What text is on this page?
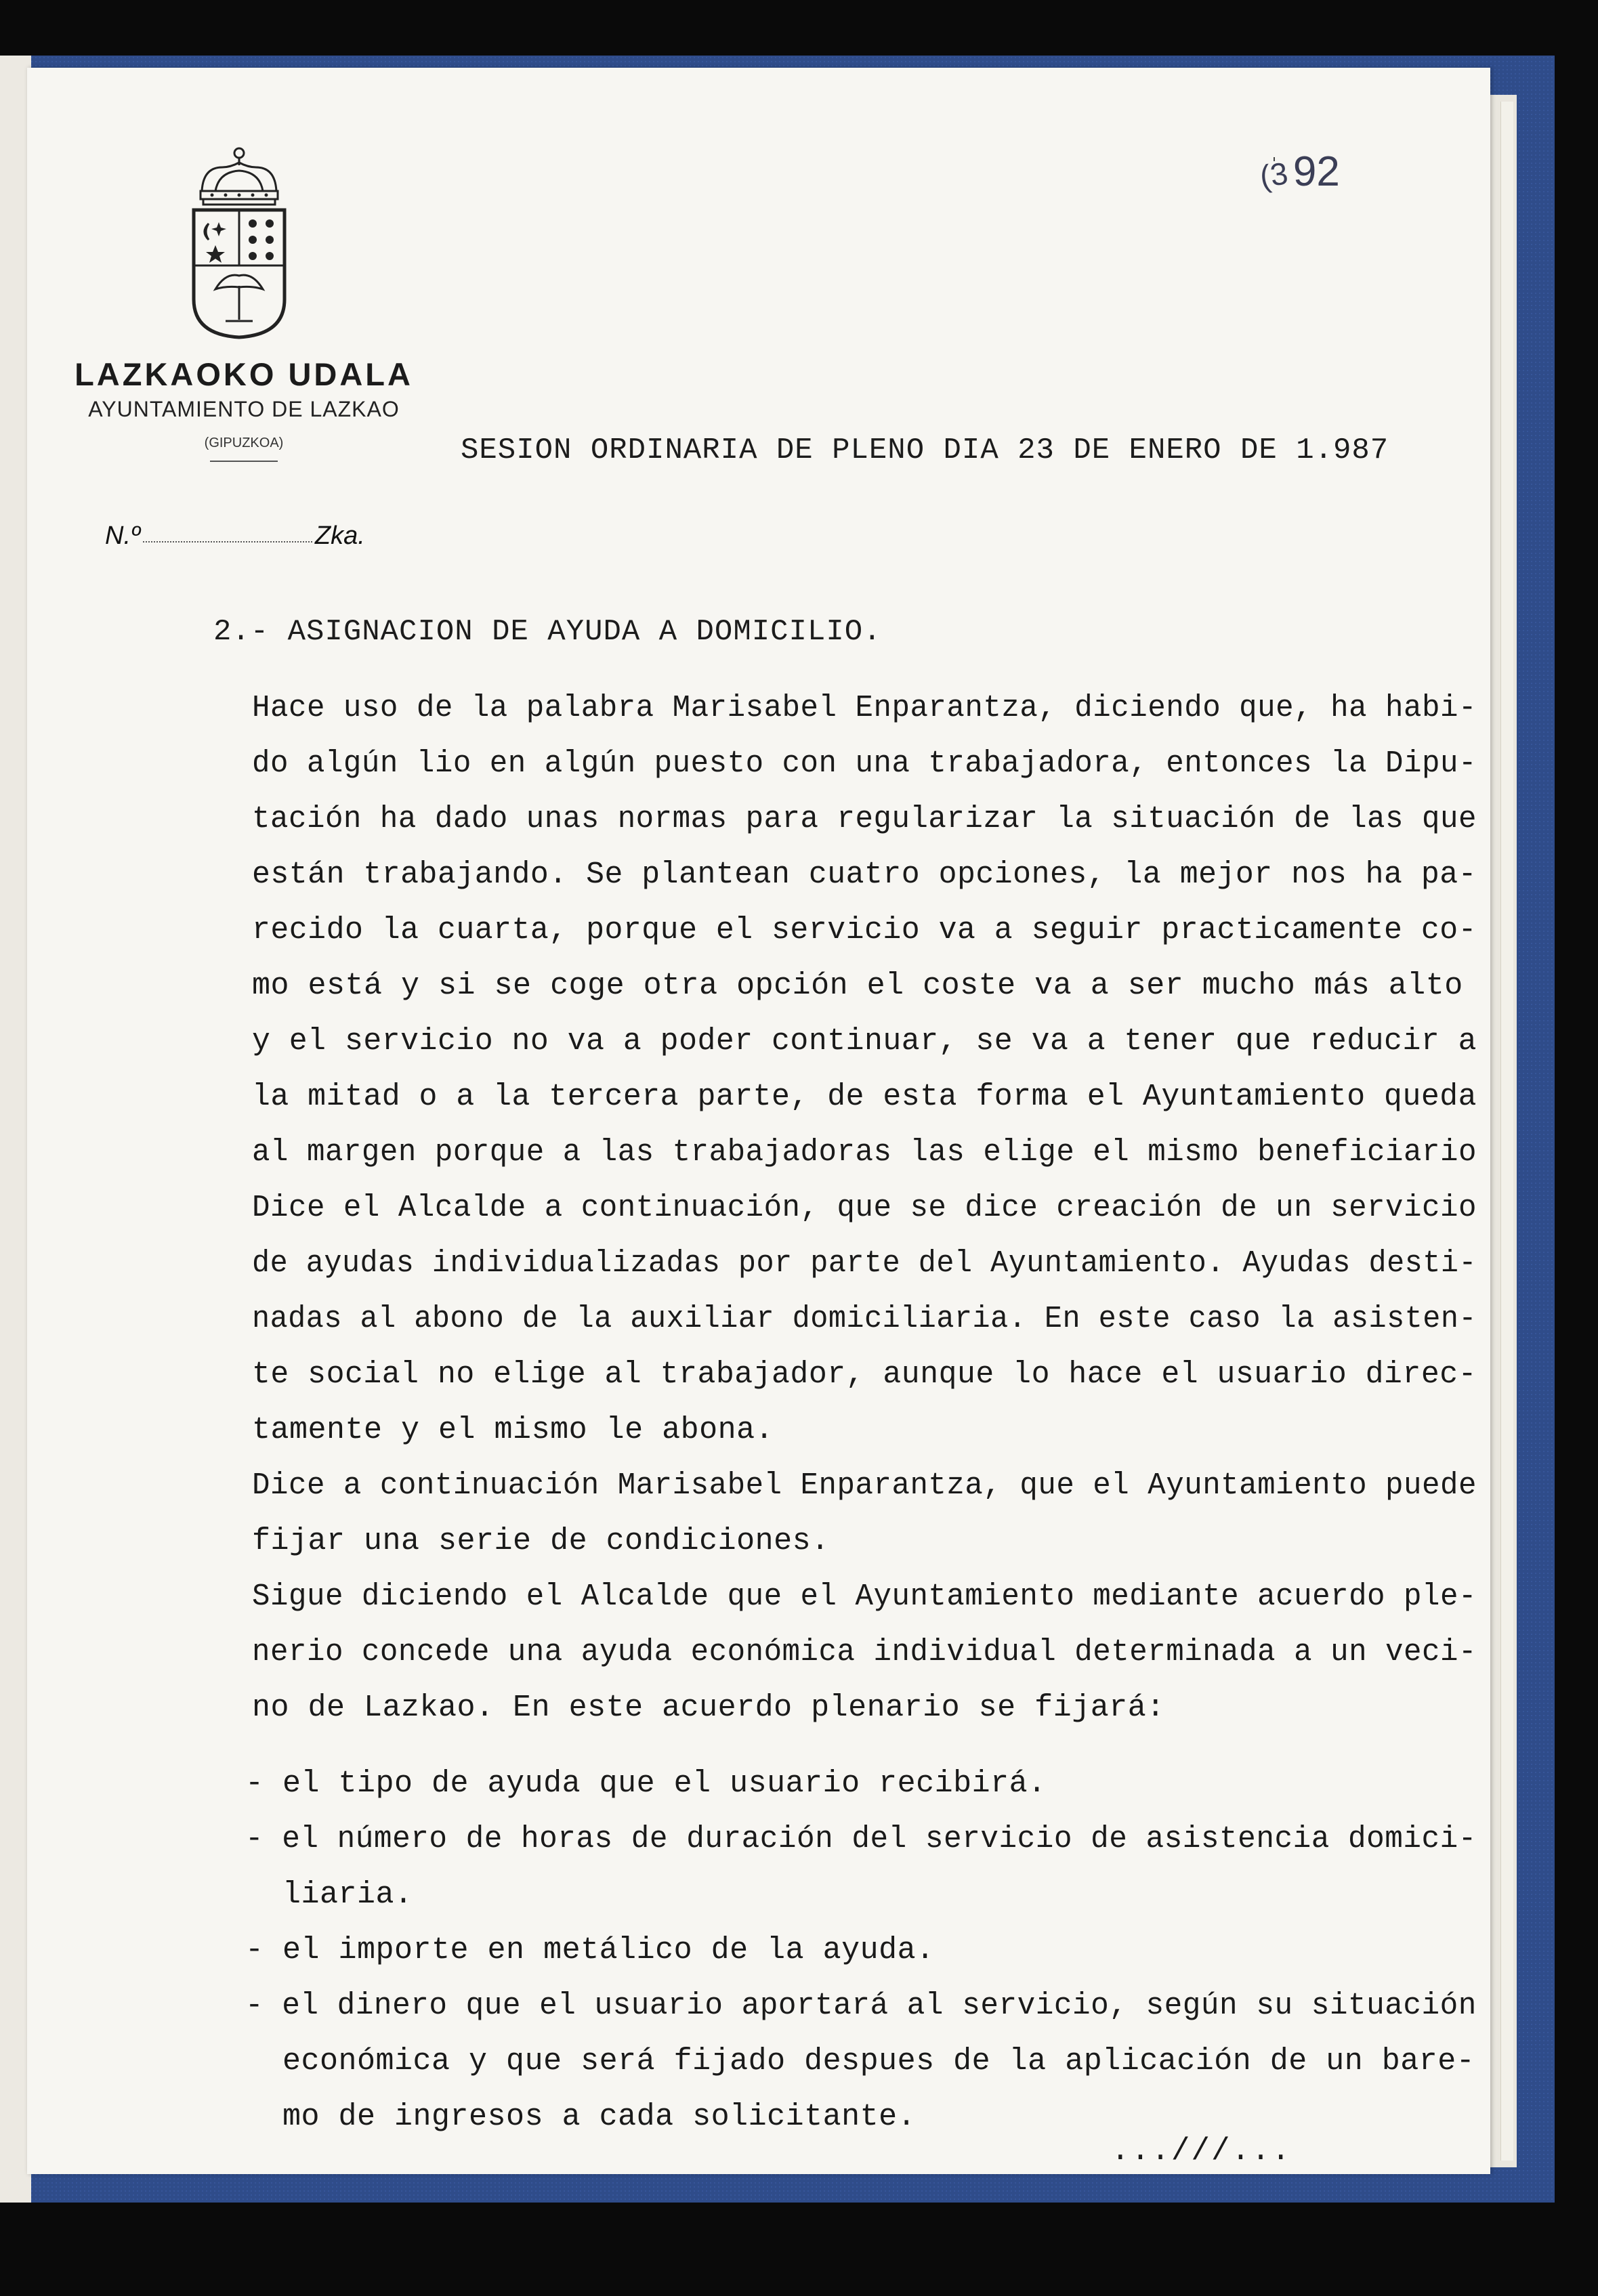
LAZKAOKO UDALA
AYUNTAMIENTO DE LAZKAO
(GIPUZKOA)
N.º	Zka.
(392
SESION ORDINARIA DE PLENO DIA 23 DE ENERO DE 1.987
2.- ASIGNACION DE AYUDA A DOMICILIO.
Hace uso de la palabra Marisabel Enparantza, diciendo que, ha habi-
do algún lio en algún puesto con una trabajadora, entonces la Dipu-
tación ha dado unas normas para regularizar la situación de las que
están trabajando. Se plantean cuatro opciones, la mejor nos ha pa-
recido la cuarta, porque el servicio va a seguir practicamente co-
mo está y si se coge otra opción el coste va a ser mucho más alto
y el servicio no va a poder continuar, se va a tener que reducir a
la mitad o a la tercera parte, de esta forma el Ayuntamiento queda
al margen porque a las trabajadoras las elige el mismo beneficiario
Dice el Alcalde a continuación, que se dice creación de un servicio
de ayudas individualizadas por parte del Ayuntamiento. Ayudas desti-
nadas al abono de la auxiliar domiciliaria. En este caso la asisten-
te social no elige al trabajador, aunque lo hace el usuario direc-
tamente y el mismo le abona.
Dice a continuación Marisabel Enparantza, que el Ayuntamiento puede
fijar una serie de condiciones.
Sigue diciendo el Alcalde que el Ayuntamiento mediante acuerdo ple-
nerio concede una ayuda económica individual determinada a un veci-
no de Lazkao. En este acuerdo plenario se fijará:
- el tipo de ayuda que el usuario recibirá.
- el número de horas de duración del servicio de asistencia domici-
liaria.
- el importe en metálico de la ayuda.
- el dinero que el usuario aportará al servicio, según su situación
económica y que será fijado despues de la aplicación de un bare-
mo de ingresos a cada solicitante.
...///...
